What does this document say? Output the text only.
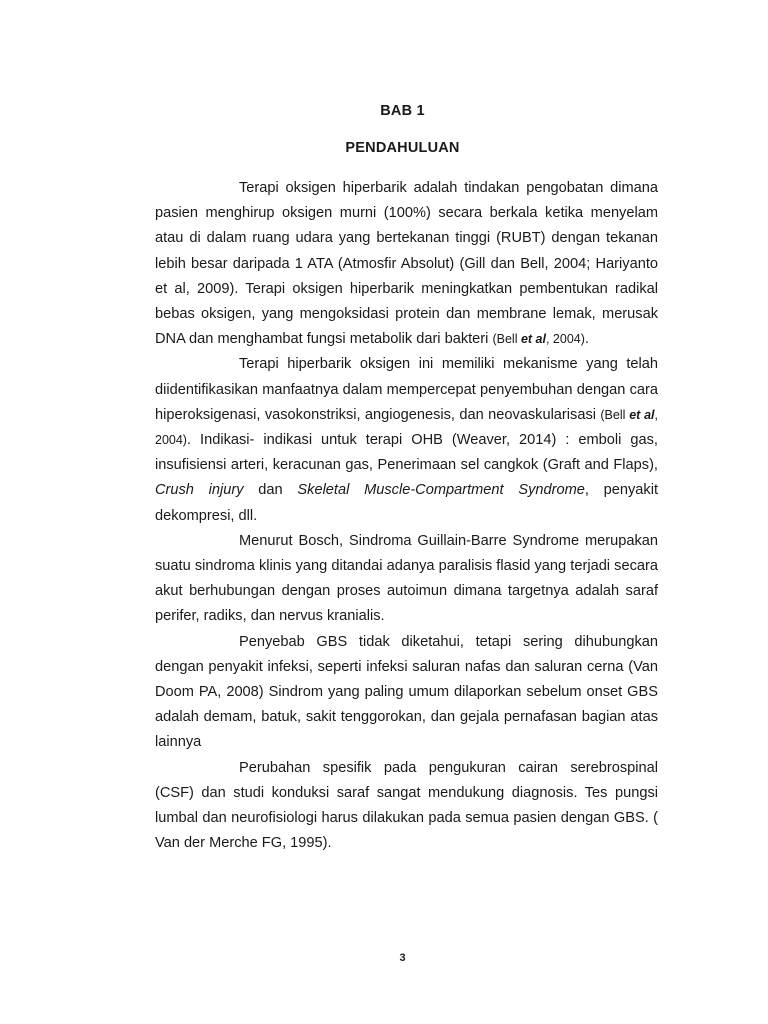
BAB 1
PENDAHULUAN

Terapi oksigen hiperbarik adalah tindakan pengobatan dimana pasien menghirup oksigen murni (100%) secara berkala ketika menyelam atau di dalam ruang udara yang bertekanan tinggi (RUBT) dengan tekanan lebih besar daripada 1 ATA (Atmosfir Absolut) (Gill dan Bell, 2004; Hariyanto et al, 2009). Terapi oksigen hiperbarik meningkatkan pembentukan radikal bebas oksigen, yang mengoksidasi protein dan membrane lemak, merusak DNA dan menghambat fungsi metabolik dari bakteri (Bell et al, 2004).

Terapi hiperbarik oksigen ini memiliki mekanisme yang telah diidentifikasikan manfaatnya dalam mempercepat penyembuhan dengan cara hiperoksigenasi, vasokonstriksi, angiogenesis, dan neovaskularisasi (Bell et al, 2004). Indikasi- indikasi untuk terapi OHB (Weaver, 2014) : emboli gas, insufisiensi arteri, keracunan gas, Penerimaan sel cangkok (Graft and Flaps), Crush injury dan Skeletal Muscle-Compartment Syndrome, penyakit dekompresi, dll.

Menurut Bosch, Sindroma Guillain-Barre Syndrome merupakan suatu sindroma klinis yang ditandai adanya paralisis flasid yang terjadi secara akut berhubungan dengan proses autoimun dimana targetnya adalah saraf perifer, radiks, dan nervus kranialis.

Penyebab GBS tidak diketahui, tetapi sering dihubungkan dengan penyakit infeksi, seperti infeksi saluran nafas dan saluran cerna (Van Doom PA, 2008) Sindrom yang paling umum dilaporkan sebelum onset GBS adalah demam, batuk, sakit tenggorokan, dan gejala pernafasan bagian atas lainnya

Perubahan spesifik pada pengukuran cairan serebrospinal (CSF) dan studi konduksi saraf sangat mendukung diagnosis. Tes pungsi lumbal dan neurofisiologi harus dilakukan pada semua pasien dengan GBS. ( Van der Merche FG, 1995).

3
